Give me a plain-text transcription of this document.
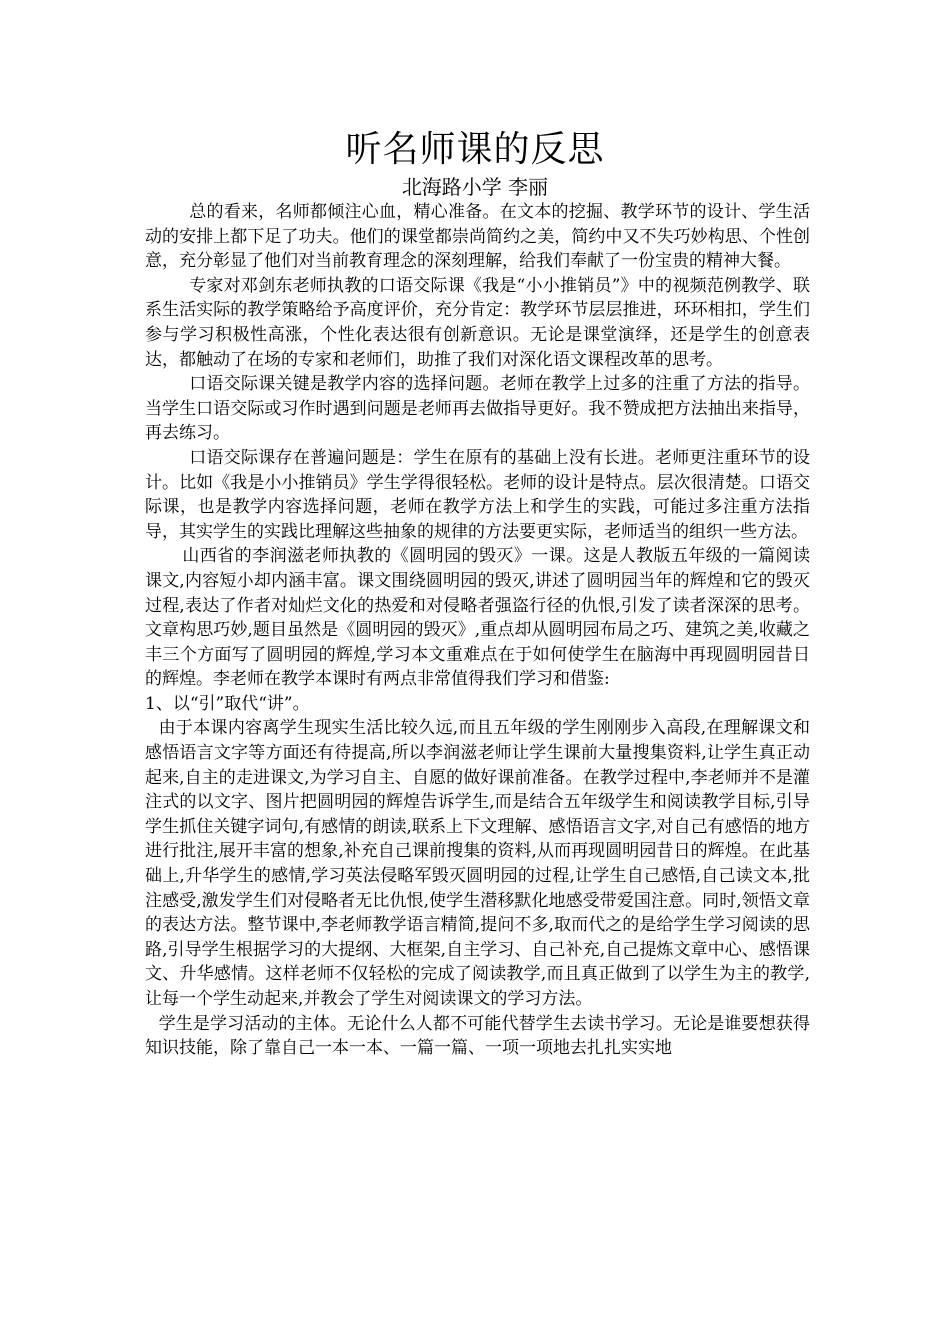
听名师课的反思
北海路小学 李丽

总的看来，名师都倾注心血，精心准备。在文本的挖掘、教学环节的设计、学生活动的安排上都下足了功夫。他们的课堂都崇尚简约之美，简约中又不失巧妙构思、个性创意，充分彰显了他们对当前教育理念的深刻理解，给我们奉献了一份宝贵的精神大餐。

专家对邓剑东老师执教的口语交际课《我是“小小推销员”》中的视频范例教学、联系生活实际的教学策略给予高度评价，充分肯定：教学环节层层推进，环环相扣，学生们参与学习积极性高涨，个性化表达很有创新意识。无论是课堂演绎，还是学生的创意表达，都触动了在场的专家和老师们，助推了我们对深化语文课程改革的思考。

口语交际课关键是教学内容的选择问题。老师在教学上过多的注重了方法的指导。当学生口语交际或习作时遇到问题是老师再去做指导更好。我不赞成把方法抽出来指导，再去练习。

口语交际课存在普遍问题是：学生在原有的基础上没有长进。老师更注重环节的设计。比如《我是小小推销员》学生学得很轻松。老师的设计是特点。层次很清楚。口语交际课，也是教学内容选择问题，老师在教学方法上和学生的实践，可能过多注重方法指导，其实学生的实践比理解这些抽象的规律的方法要更实际，老师适当的组织一些方法。

山西省的李润滋老师执教的《圆明园的毁灭》一课。这是人教版五年级的一篇阅读课文,内容短小却内涵丰富。课文围绕圆明园的毁灭,讲述了圆明园当年的辉煌和它的毁灭过程,表达了作者对灿烂文化的热爱和对侵略者强盗行径的仇恨,引发了读者深深的思考。文章构思巧妙,题目虽然是《圆明园的毁灭》,重点却从圆明园布局之巧、建筑之美,收藏之丰三个方面写了圆明园的辉煌,学习本文重难点在于如何使学生在脑海中再现圆明园昔日的辉煌。李老师在教学本课时有两点非常值得我们学习和借鉴:

1、以“引”取代“讲”。

由于本课内容离学生现实生活比较久远,而且五年级的学生刚刚步入高段,在理解课文和感悟语言文字等方面还有待提高,所以李润滋老师让学生课前大量搜集资料,让学生真正动起来,自主的走进课文,为学习自主、自愿的做好课前准备。在教学过程中,李老师并不是灌注式的以文字、图片把圆明园的辉煌告诉学生,而是结合五年级学生和阅读教学目标,引导学生抓住关键字词句,有感情的朗读,联系上下文理解、感悟语言文字,对自己有感悟的地方进行批注,展开丰富的想象,补充自己课前搜集的资料,从而再现圆明园昔日的辉煌。在此基础上,升华学生的感情,学习英法侵略军毁灭圆明园的过程,让学生自己感悟,自己读文本,批注感受,激发学生们对侵略者无比仇恨,使学生潜移默化地感受带爱国注意。同时,领悟文章的表达方法。整节课中,李老师教学语言精简,提问不多,取而代之的是给学生学习阅读的思路,引导学生根据学习的大提纲、大框架,自主学习、自己补充,自己提炼文章中心、感悟课文、升华感情。这样老师不仅轻松的完成了阅读教学,而且真正做到了以学生为主的教学,让每一个学生动起来,并教会了学生对阅读课文的学习方法。

学生是学习活动的主体。无论什么人都不可能代替学生去读书学习。无论是谁要想获得知识技能，除了靠自己一本一本、一篇一篇、一项一项地去扎扎实实地
